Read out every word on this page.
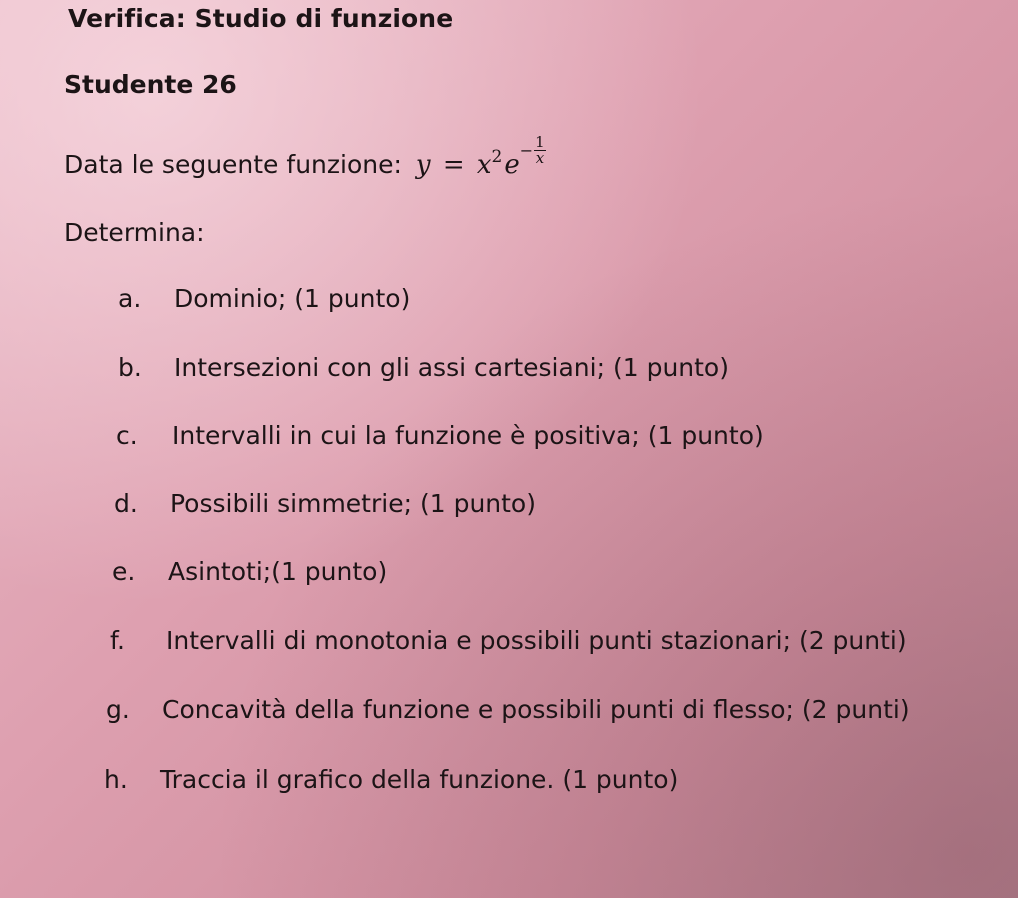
Verifica: Studio di funzione
Studente 26
Data le seguente funzione: $y = x^2e- \frac{1}{x}$
Determina:
a. Dominio; (1 punto)
b. Intersezioni con gli assi cartesiani; (1 punto)
c. Intervalli in cui la funzione è positiva; (1 punto)
d. Possibili simmetrie; (1 punto)
e. Asintoti;(1 punto)
f. Intervalli di monotonia e possibili punti stazionari; (2 punti)
g. Concavità della funzione e possibili punti di flesso; (2 punti)
h. Traccia il grafico della funzione. (1 punto)
